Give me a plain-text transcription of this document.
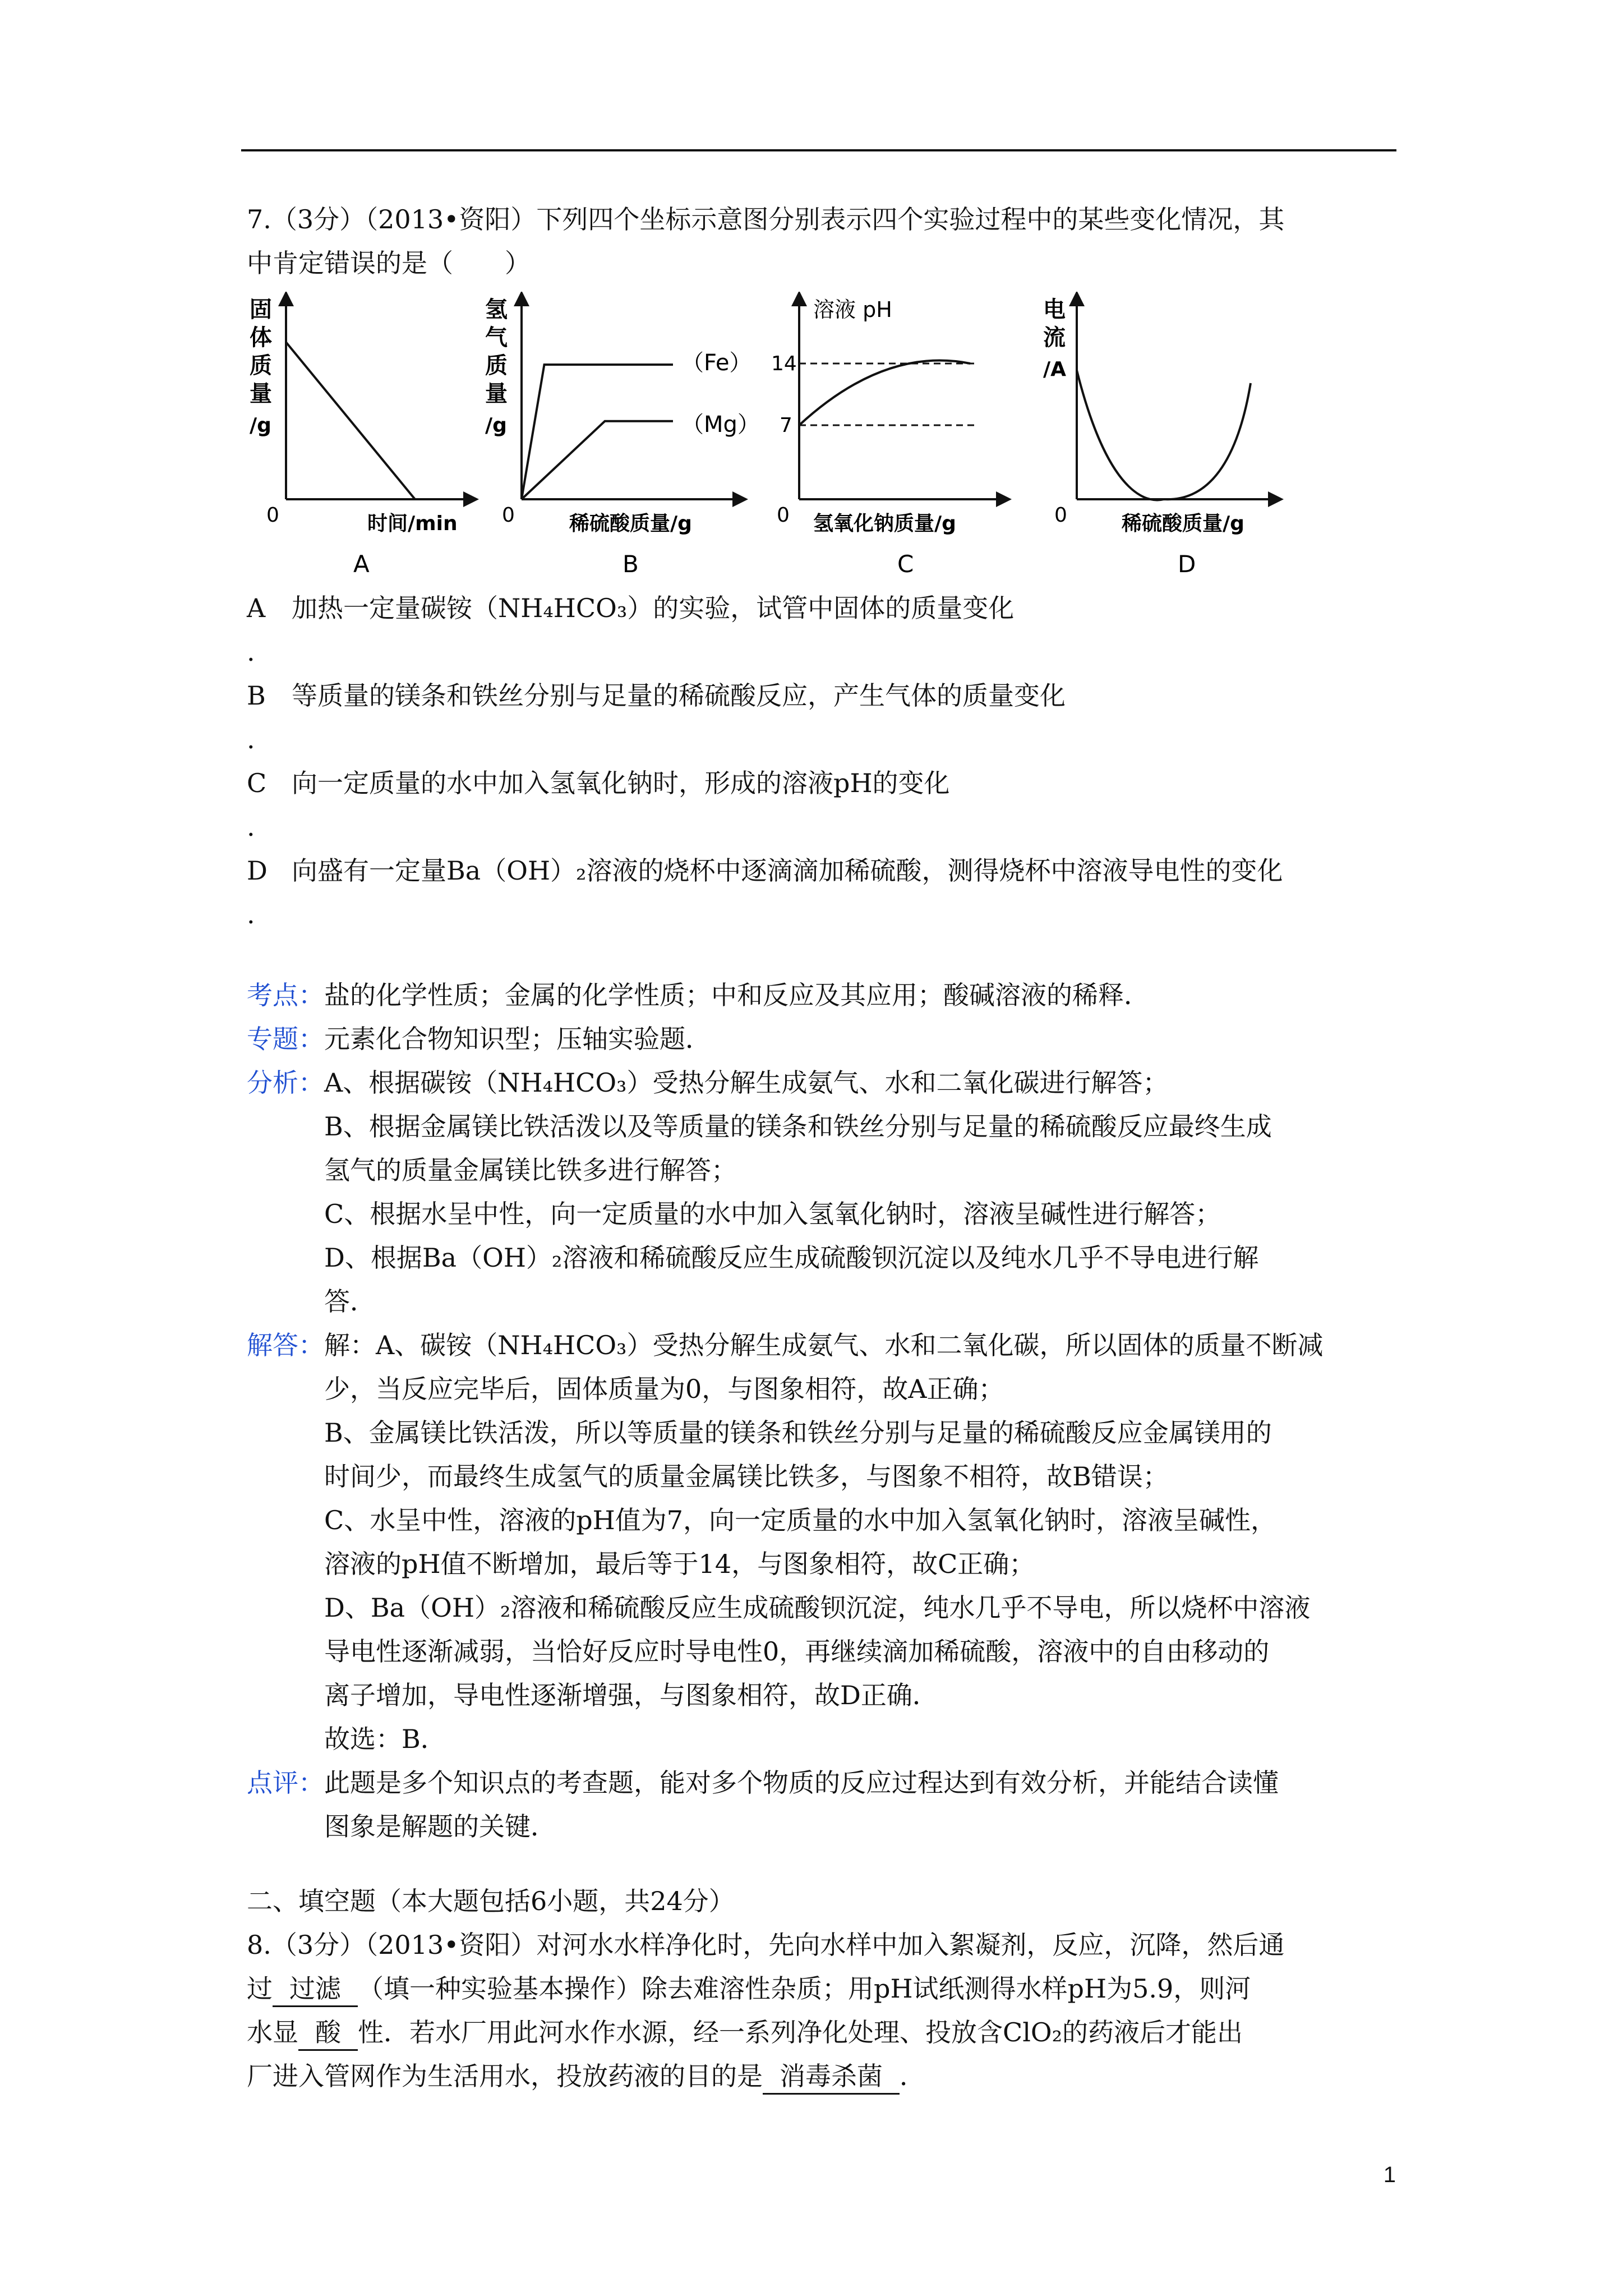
7.（3分）（2013•资阳）下列四个坐标示意图分别表示四个实验过程中的某些变化情况，其
中肯定错误的是（　　）
固
体
质
量
/g
0	时间/min
A
氢
气
质
量
/g
0	稀硫酸质量/g
B
（Fe）
（Mg）
溶液 pH
14
7
0 氢氧化钠质量/g
C
电
流
/A
0	稀硫酸质量/g
D
A	加热一定量碳铵（NH₄HCO₃）的实验，试管中固体的质量变化
.
B	等质量的镁条和铁丝分别与足量的稀硫酸反应，产生气体的质量变化
.
C 向一定质量的水中加入氢氧化钠时，形成的溶液pH的变化
.
D 向盛有一定量Ba（OH）₂溶液的烧杯中逐滴滴加稀硫酸，测得烧杯中溶液导电性的变化
.
考点： 盐的化学性质；金属的化学性质；中和反应及其应用；酸碱溶液的稀释．
专题： 元素化合物知识型；压轴实验题．
分析： A、根据碳铵（NH₄HCO₃）受热分解生成氨气、水和二氧化碳进行解答；
B、根据金属镁比铁活泼以及等质量的镁条和铁丝分别与足量的稀硫酸反应最终生成
氢气的质量金属镁比铁多进行解答；
C、根据水呈中性，向一定质量的水中加入氢氧化钠时，溶液呈碱性进行解答；
D、根据Ba（OH）₂溶液和稀硫酸反应生成硫酸钡沉淀以及纯水几乎不导电进行解
答．
解答： 解：A、碳铵（NH₄HCO₃）受热分解生成氨气、水和二氧化碳，所以固体的质量不断减
少，当反应完毕后，固体质量为0，与图象相符，故A正确；
B、金属镁比铁活泼，所以等质量的镁条和铁丝分别与足量的稀硫酸反应金属镁用的
时间少，而最终生成氢气的质量金属镁比铁多，与图象不相符，故B错误；
C、水呈中性，溶液的pH值为7，向一定质量的水中加入氢氧化钠时，溶液呈碱性，
溶液的pH值不断增加，最后等于14，与图象相符，故C正确；
D、Ba（OH）₂溶液和稀硫酸反应生成硫酸钡沉淀，纯水几乎不导电，所以烧杯中溶液
导电性逐渐减弱，当恰好反应时导电性0，再继续滴加稀硫酸，溶液中的自由移动的
离子增加，导电性逐渐增强，与图象相符，故D正确．
故选：B．
点评： 此题是多个知识点的考查题，能对多个物质的反应过程达到有效分析，并能结合读懂
图象是解题的关键．
二、填空题（本大题包括6小题，共24分）
8.（3分）（2013•资阳）对河水水样净化时，先向水样中加入絮凝剂，反应，沉降，然后通
过 过滤 （填一种实验基本操作）除去难溶性杂质；用pH试纸测得水样pH为5.9，则河
水显 酸 性．若水厂用此河水作水源，经一系列净化处理、投放含ClO₂的药液后才能出
厂进入管网作为生活用水，投放药液的目的是 消毒杀菌 ．
1
